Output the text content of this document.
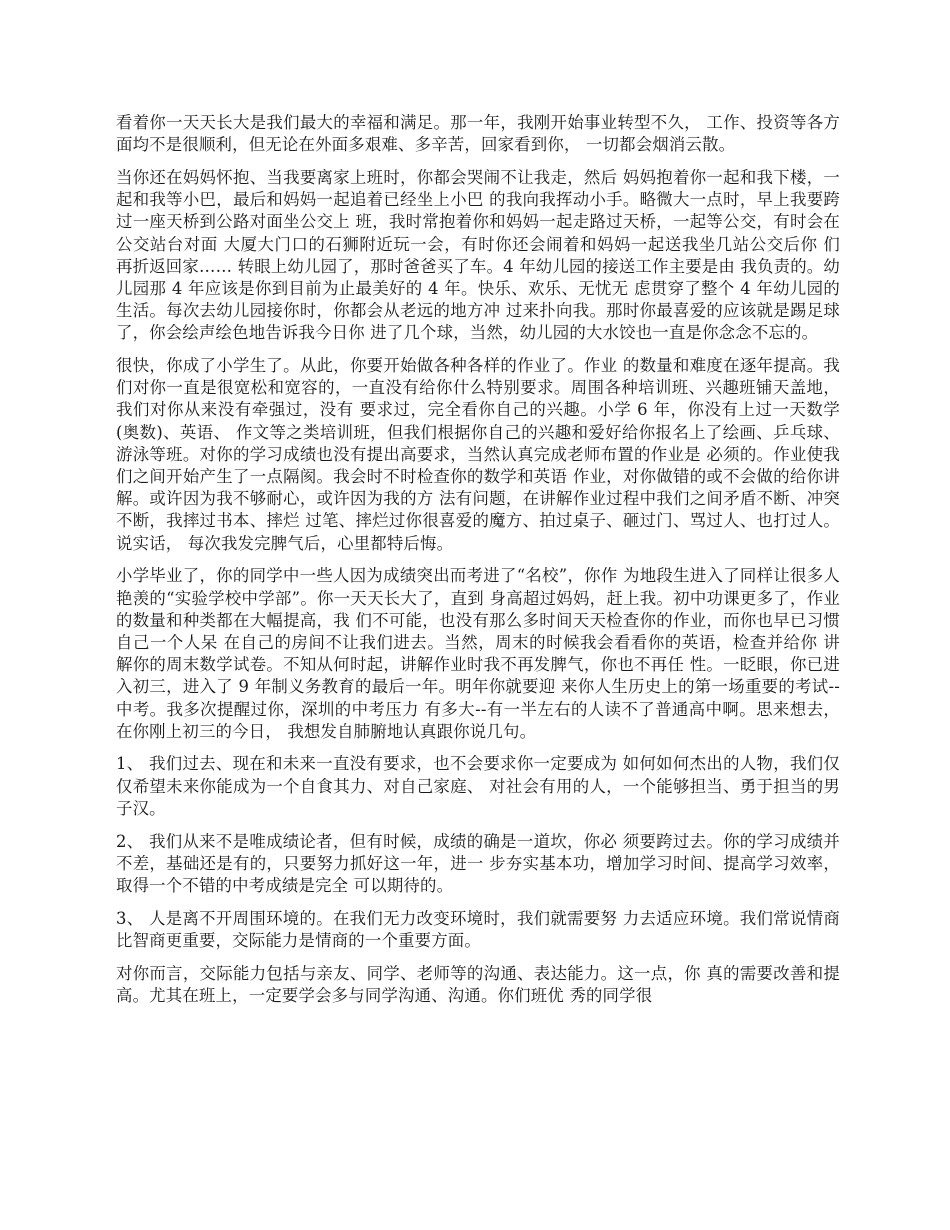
看着你一天天长大是我们最大的幸福和满足。那一年，我刚开始事业转型不久， 工作、投资等各方面均不是很顺利，但无论在外面多艰难、多辛苦，回家看到你， 一切都会烟消云散。

当你还在妈妈怀抱、当我要离家上班时，你都会哭闹不让我走，然后 妈妈抱着你一起和我下楼，一起和我等小巴，最后和妈妈一起追着已经坐上小巴 的我向我挥动小手。略微大一点时，早上我要跨过一座天桥到公路对面坐公交上 班，我时常抱着你和妈妈一起走路过天桥，一起等公交，有时会在公交站台对面 大厦大门口的石狮附近玩一会，有时你还会闹着和妈妈一起送我坐几站公交后你 们再折返回家…… 转眼上幼儿园了，那时爸爸买了车。4 年幼儿园的接送工作主要是由 我负责的。幼儿园那 4 年应该是你到目前为止最美好的 4 年。快乐、欢乐、无忧无 虑贯穿了整个 4 年幼儿园的生活。每次去幼儿园接你时，你都会从老远的地方冲 过来扑向我。那时你最喜爱的应该就是踢足球了，你会绘声绘色地告诉我今日你 进了几个球，当然，幼儿园的大水饺也一直是你念念不忘的。

很快，你成了小学生了。从此，你要开始做各种各样的作业了。作业 的数量和难度在逐年提高。我们对你一直是很宽松和宽容的，一直没有给你什么特别要求。周围各种培训班、兴趣班铺天盖地，我们对你从来没有牵强过，没有 要求过，完全看你自己的兴趣。小学 6 年，你没有上过一天数学(奥数)、英语、 作文等之类培训班，但我们根据你自己的兴趣和爱好给你报名上了绘画、乒乓球、 游泳等班。对你的学习成绩也没有提出高要求，当然认真完成老师布置的作业是 必须的。作业使我们之间开始产生了一点隔阂。我会时不时检查你的数学和英语 作业，对你做错的或不会做的给你讲解。或许因为我不够耐心，或许因为我的方 法有问题，在讲解作业过程中我们之间矛盾不断、冲突不断，我摔过书本、摔烂 过笔、摔烂过你很喜爱的魔方、拍过桌子、砸过门、骂过人、也打过人。说实话， 每次我发完脾气后，心里都特后悔。

小学毕业了，你的同学中一些人因为成绩突出而考进了“名校”，你作 为地段生进入了同样让很多人艳羡的“实验学校中学部”。你一天天长大了，直到 身高超过妈妈，赶上我。初中功课更多了，作业的数量和种类都在大幅提高，我 们不可能，也没有那么多时间天天检查你的作业，而你也早已习惯自己一个人呆 在自己的房间不让我们进去。当然，周末的时候我会看看你的英语，检查并给你 讲解你的周末数学试卷。不知从何时起，讲解作业时我不再发脾气，你也不再任 性。一眨眼，你已进入初三，进入了 9 年制义务教育的最后一年。明年你就要迎 来你人生历史上的第一场重要的考试--中考。我多次提醒过你，深圳的中考压力 有多大--有一半左右的人读不了普通高中啊。思来想去，在你刚上初三的今日， 我想发自肺腑地认真跟你说几句。

1、 我们过去、现在和未来一直没有要求，也不会要求你一定要成为 如何如何杰出的人物，我们仅仅希望未来你能成为一个自食其力、对自己家庭、 对社会有用的人，一个能够担当、勇于担当的男子汉。

2、 我们从来不是唯成绩论者，但有时候，成绩的确是一道坎，你必 须要跨过去。你的学习成绩并不差，基础还是有的，只要努力抓好这一年，进一 步夯实基本功，增加学习时间、提高学习效率，取得一个不错的中考成绩是完全 可以期待的。

3、 人是离不开周围环境的。在我们无力改变环境时，我们就需要努 力去适应环境。我们常说情商比智商更重要，交际能力是情商的一个重要方面。

对你而言，交际能力包括与亲友、同学、老师等的沟通、表达能力。这一点，你 真的需要改善和提高。尤其在班上，一定要学会多与同学沟通、沟通。你们班优 秀的同学很
